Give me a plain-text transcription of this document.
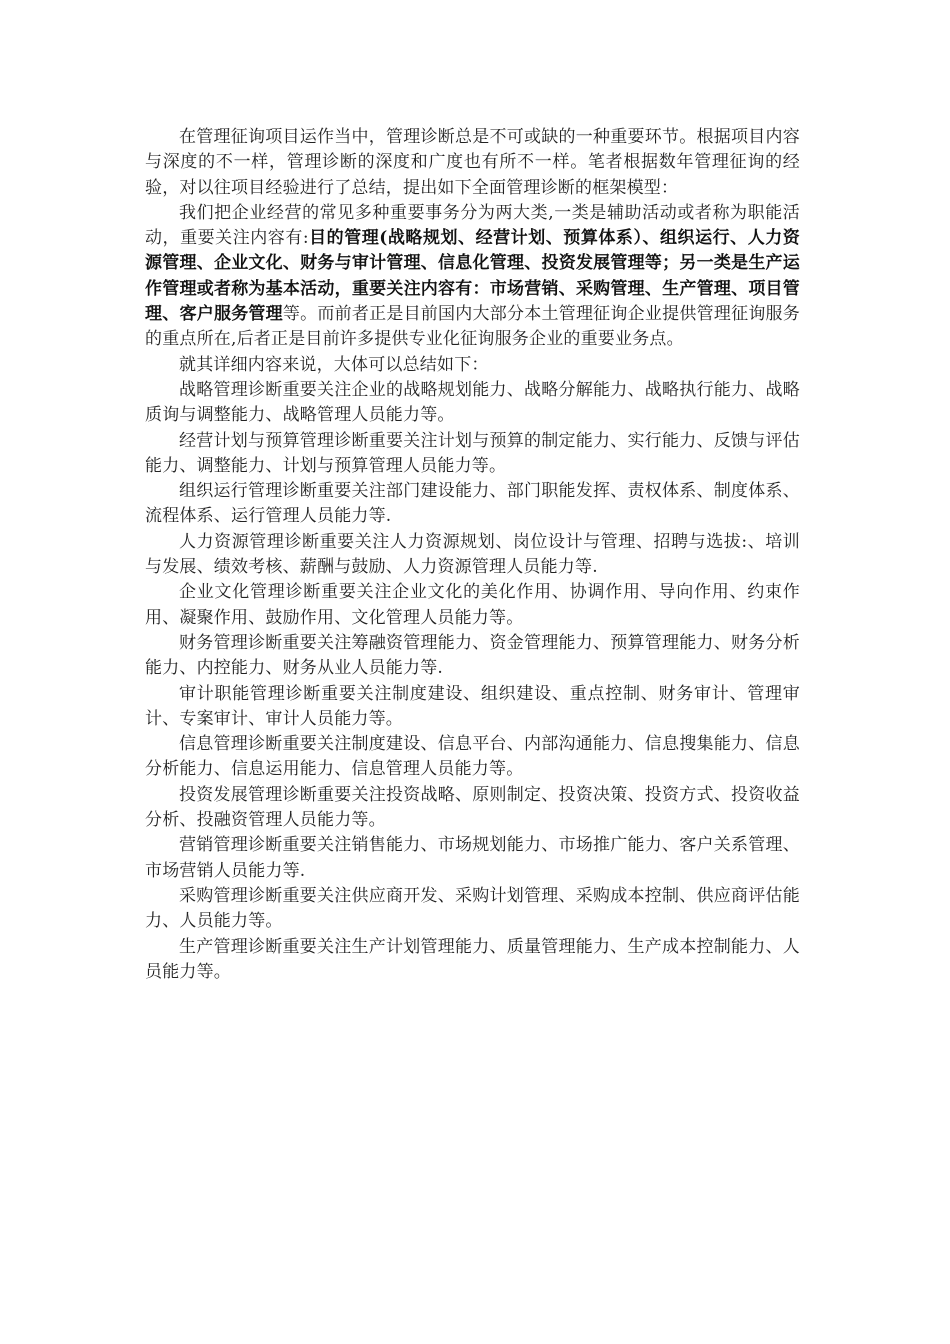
在管理征询项目运作当中，管理诊断总是不可或缺的一种重要环节。根据项目内容与深度的不一样，管理诊断的深度和广度也有所不一样。笔者根据数年管理征询的经验，对以往项目经验进行了总结，提出如下全面管理诊断的框架模型：

我们把企业经营的常见多种重要事务分为两大类,一类是辅助活动或者称为职能活动，重要关注内容有:目的管理(战略规划、经营计划、预算体系）、组织运行、人力资源管理、企业文化、财务与审计管理、信息化管理、投资发展管理等；另一类是生产运作管理或者称为基本活动，重要关注内容有：市场营销、采购管理、生产管理、项目管理、客户服务管理等。而前者正是目前国内大部分本土管理征询企业提供管理征询服务的重点所在,后者正是目前许多提供专业化征询服务企业的重要业务点。

就其详细内容来说，大体可以总结如下：

战略管理诊断重要关注企业的战略规划能力、战略分解能力、战略执行能力、战略质询与调整能力、战略管理人员能力等。

经营计划与预算管理诊断重要关注计划与预算的制定能力、实行能力、反馈与评估能力、调整能力、计划与预算管理人员能力等。

组织运行管理诊断重要关注部门建设能力、部门职能发挥、责权体系、制度体系、流程体系、运行管理人员能力等.

人力资源管理诊断重要关注人力资源规划、岗位设计与管理、招聘与选拔:、培训与发展、绩效考核、薪酬与鼓励、人力资源管理人员能力等.

企业文化管理诊断重要关注企业文化的美化作用、协调作用、导向作用、约束作用、凝聚作用、鼓励作用、文化管理人员能力等。

财务管理诊断重要关注筹融资管理能力、资金管理能力、预算管理能力、财务分析能力、内控能力、财务从业人员能力等.

审计职能管理诊断重要关注制度建设、组织建设、重点控制、财务审计、管理审计、专案审计、审计人员能力等。

信息管理诊断重要关注制度建设、信息平台、内部沟通能力、信息搜集能力、信息分析能力、信息运用能力、信息管理人员能力等。

投资发展管理诊断重要关注投资战略、原则制定、投资决策、投资方式、投资收益分析、投融资管理人员能力等。

营销管理诊断重要关注销售能力、市场规划能力、市场推广能力、客户关系管理、市场营销人员能力等.

采购管理诊断重要关注供应商开发、采购计划管理、采购成本控制、供应商评估能力、人员能力等。

生产管理诊断重要关注生产计划管理能力、质量管理能力、生产成本控制能力、人员能力等。
